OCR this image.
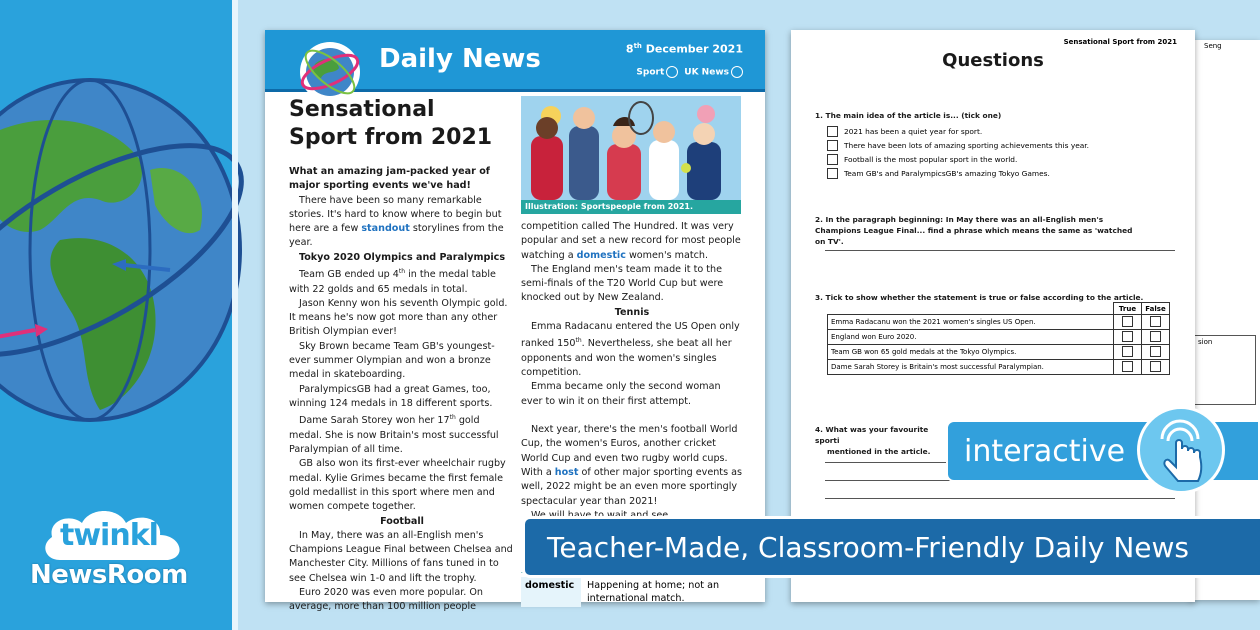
twinkl
NewsRoom
Daily News	8th December 2021
Sport	UK News
Sensational
Sport from 2021
Illustration: Sportspeople from 2021.

What an amazing jam-packed year of major sporting events we've had!

There have been so many remarkable stories. It's hard to know where to begin but here are a few standout storylines from the year.

Tokyo 2020 Olympics and Paralympics

Team GB ended up 4th in the medal table with 22 golds and 65 medals in total.

Jason Kenny won his seventh Olympic gold. It means he's now got more than any other British Olympian ever!

Sky Brown became Team GB's youngest-ever summer Olympian and won a bronze medal in skateboarding.

ParalympicsGB had a great Games, too, winning 124 medals in 18 different sports.

Dame Sarah Storey won her 17th gold medal. She is now Britain's most successful Paralympian of all time.

GB also won its first-ever wheelchair rugby medal. Kylie Grimes became the first female gold medallist in this sport where men and women compete together.

Football

In May, there was an all-English men's Champions League Final between Chelsea and Manchester City. Millions of fans tuned in to see Chelsea win 1-0 and lift the trophy.

Euro 2020 was even more popular. On average, more than 100 million people

competition called The Hundred. It was very popular and set a new record for most people watching a domestic women's match.

The England men's team made it to the semi-finals of the T20 World Cup but were knocked out by New Zealand.

Tennis

Emma Radacanu entered the US Open only ranked 150th. Nevertheless, she beat all her opponents and won the women's singles competition.

Emma became only the second woman ever to win it on their first attempt.

Next year, there's the men's football World Cup, the women's Euros, another cricket World Cup and even two rugby world cups. With a host of other major sporting events as well, 2022 might be an even more sportingly spectacular year than 2021!

domestic	Happening at home; not an international match.
Seng
sion
Sensational Sport from 2021
Questions
1. The main idea of the article is... (tick one)
2021 has been a quiet year for sport.
There have been lots of amazing sporting achievements this year.
Football is the most popular sport in the world.
Team GB's and ParalympicsGB's amazing Tokyo Games.
2. In the paragraph beginning: In May there was an all-English men's Champions League Final... find a phrase which means the same as 'watched on TV'.
3. Tick to show whether the statement is true or false according to the article.
	True	False
Emma Radacanu won the 2021 women's singles US Open.		
England won Euro 2020.		
Team GB won 65 gold medals at the Tokyo Olympics.		
Dame Sarah Storey is Britain's most successful Paralympian.		
4. What was your favourite sporti
mentioned in the article. interactive
Teacher-Made, Classroom-Friendly Daily News
